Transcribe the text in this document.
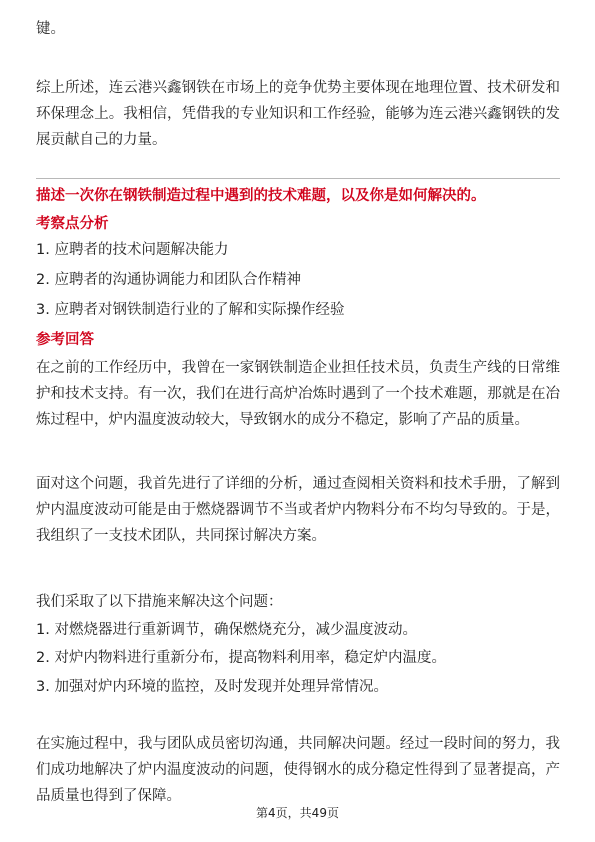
键。

综上所述，连云港兴鑫钢铁在市场上的竞争优势主要体现在地理位置、技术研发和环保理念上。我相信，凭借我的专业知识和工作经验，能够为连云港兴鑫钢铁的发展贡献自己的力量。

描述一次你在钢铁制造过程中遇到的技术难题，以及你是如何解决的。

考察点分析

1. 应聘者的技术问题解决能力

2. 应聘者的沟通协调能力和团队合作精神

3. 应聘者对钢铁制造行业的了解和实际操作经验

参考回答

在之前的工作经历中，我曾在一家钢铁制造企业担任技术员，负责生产线的日常维护和技术支持。有一次，我们在进行高炉冶炼时遇到了一个技术难题，那就是在冶炼过程中，炉内温度波动较大，导致钢水的成分不稳定，影响了产品的质量。

面对这个问题，我首先进行了详细的分析，通过查阅相关资料和技术手册，了解到炉内温度波动可能是由于燃烧器调节不当或者炉内物料分布不均匀导致的。于是，我组织了一支技术团队，共同探讨解决方案。

我们采取了以下措施来解决这个问题：

1. 对燃烧器进行重新调节，确保燃烧充分，减少温度波动。

2. 对炉内物料进行重新分布，提高物料利用率，稳定炉内温度。

3. 加强对炉内环境的监控，及时发现并处理异常情况。

在实施过程中，我与团队成员密切沟通，共同解决问题。经过一段时间的努力，我们成功地解决了炉内温度波动的问题，使得钢水的成分稳定性得到了显著提高，产品质量也得到了保障。

第4页，共49页
